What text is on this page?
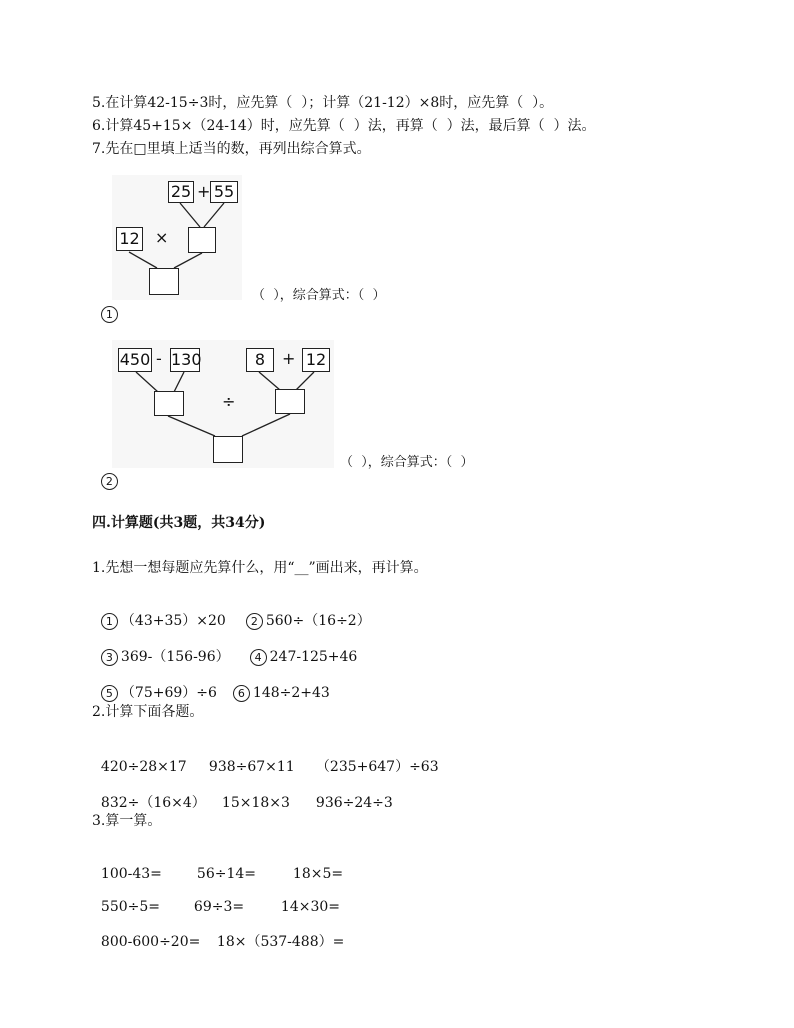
5.在计算42-15÷3时，应先算（  ）；计算（21-12）×8时，应先算（  ）。
6.计算45+15×（24-14）时，应先算（  ）法，再算（  ）法，最后算（  ）法。
7.先在□里填上适当的数，再列出综合算式。
25 + 55
12 ×

1

（  ），综合算式：（  ）
450 - 130	8	+ 12
÷

2

（  ），综合算式：（  ）
四.计算题(共3题，共34分)
1.先想一想每题应先算什么，用“__”画出来，再计算。

1 （43+35）×20 2 560÷（16÷2）

3 369-（156-96） 4 247-125+46

5 （75+69）÷6 6 148÷2+43

2.计算下面各题。

420÷28×17 938÷67×11 （235+647）÷63

832÷（16×4） 15×18×3 936÷24÷3

3.算一算。

100-43=	56÷14=	18×5=

550÷5= 69÷3=	14×30=

800-600÷20= 18×（537-488）=
